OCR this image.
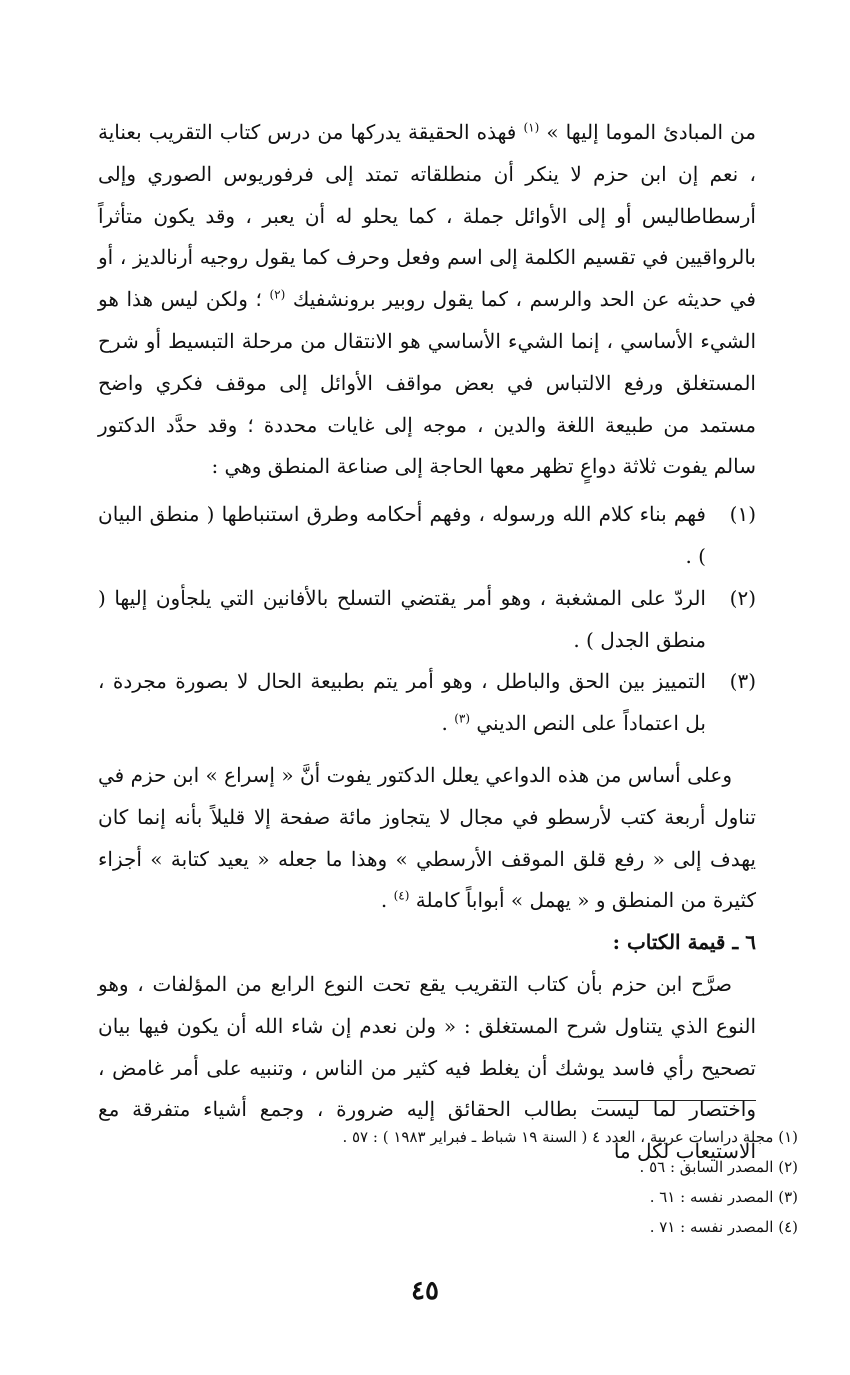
من المبادئ الموما إليها » $^{(١)}$ فهذه الحقيقة يدركها من درس كتاب التقريب بعناية ، نعم إن ابن حزم لا ينكر أن منطلقاته تمتد إلى فرفوريوس الصوري وإلى أرسطاطاليس أو إلى الأوائل جملة ، كما يحلو له أن يعبر ، وقد يكون متأثراً بالرواقيين في تقسيم الكلمة إلى اسم وفعل وحرف كما يقول روجيه أرنالديز ، أو في حديثه عن الحد والرسم ، كما يقول روبير برونشفيك $^{(٢)}$ ؛ ولكن ليس هذا هو الشيء الأساسي ، إنما الشيء الأساسي هو الانتقال من مرحلة التبسيط أو شرح المستغلق ورفع الالتباس في بعض مواقف الأوائل إلى موقف فكري واضح مستمد من طبيعة اللغة والدين ، موجه إلى غايات محددة ؛ وقد حدَّد الدكتور سالم يفوت ثلاثة دواعٍ تظهر معها الحاجة إلى صناعة المنطق وهي :

(١)
فهم بناء كلام الله ورسوله ، وفهم أحكامه وطرق استنباطها ( منطق البيان ) .
(٢)
الردّ على المشغبة ، وهو أمر يقتضي التسلح بالأفانين التي يلجأون إليها ( منطق الجدل ) .
(٣)
التمييز بين الحق والباطل ، وهو أمر يتم بطبيعة الحال لا بصورة مجردة ، بل اعتماداً على النص الديني $^{(٣)}$ .

وعلى أساس من هذه الدواعي يعلل الدكتور يفوت أنَّ « إسراع » ابن حزم في تناول أربعة كتب لأرسطو في مجال لا يتجاوز مائة صفحة إلا قليلاً بأنه إنما كان يهدف إلى « رفع قلق الموقف الأرسطي » وهذا ما جعله « يعيد كتابة » أجزاء كثيرة من المنطق و « يهمل » أبواباً كاملة $^{(٤)}$ .

٦ ـ قيمة الكتاب :

صرَّح ابن حزم بأن كتاب التقريب يقع تحت النوع الرابع من المؤلفات ، وهو النوع الذي يتناول شرح المستغلق : « ولن نعدم إن شاء الله أن يكون فيها بيان تصحيح رأي فاسد يوشك أن يغلط فيه كثير من الناس ، وتنبيه على أمر غامض ، واختصار لما ليست بطالب الحقائق إليه ضرورة ، وجمع أشياء متفرقة مع الاستيعاب لكل ما

(١) مجلة دراسات عربية ، العدد ٤ ( السنة ١٩ شباط ـ فبراير ١٩٨٣ ) : ٥٧ .
(٢) المصدر السابق : ٥٦ .
(٣) المصدر نفسه : ٦١ .
(٤) المصدر نفسه : ٧١ .
٤٥
